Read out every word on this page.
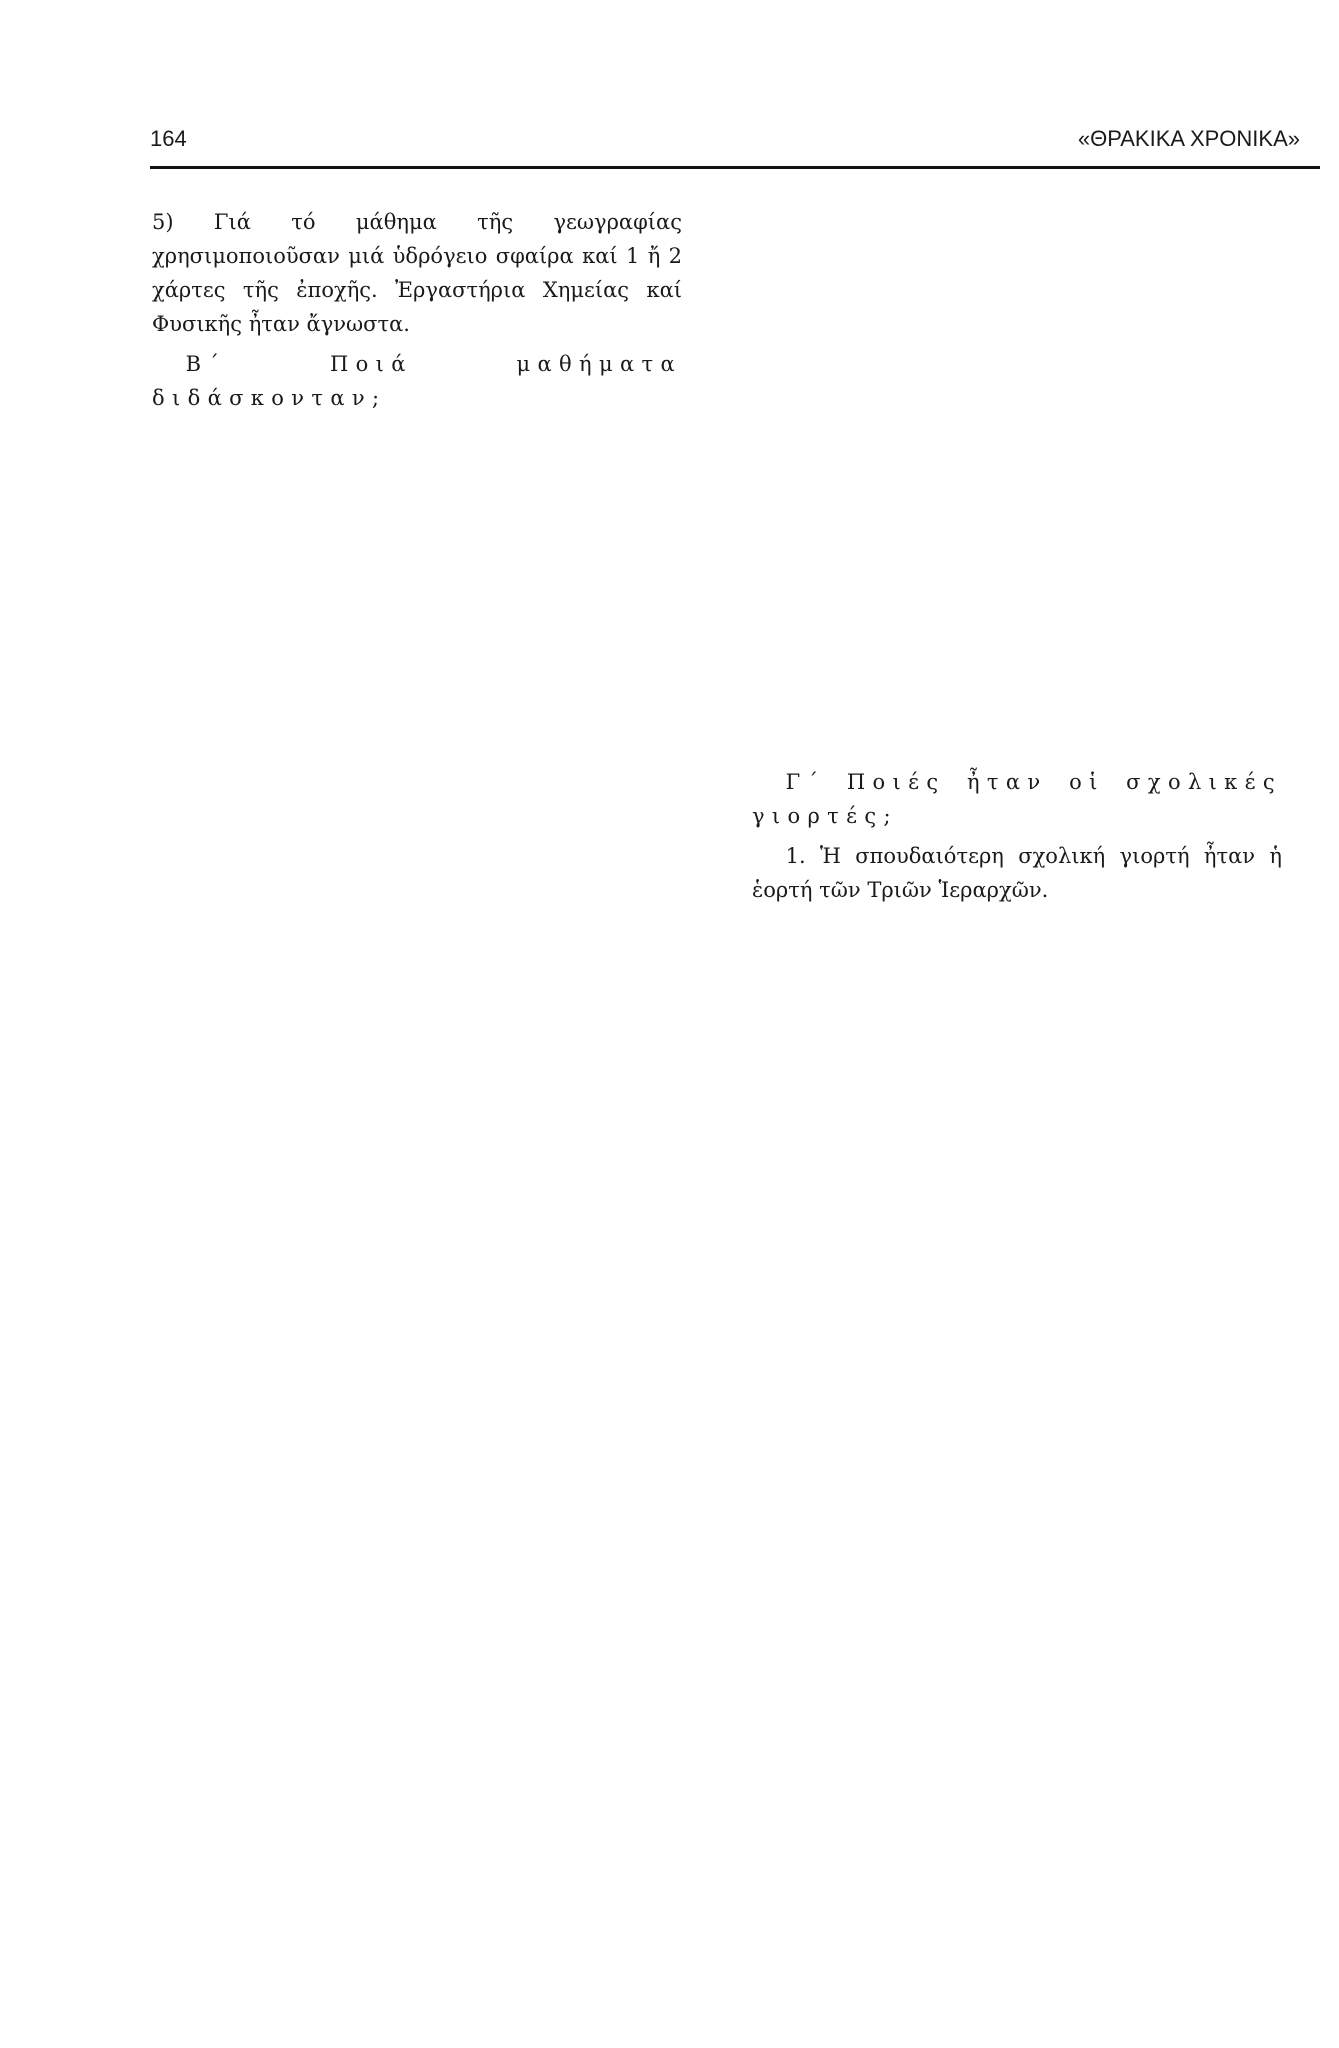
164	«ΘΡΑΚΙΚΑ ΧΡΟΝΙΚΑ»

5) Γιά τό μάθημα τῆς γεωγραφίας χρησιμοποιοῦσαν μιά ὑδρόγειο σφαίρα καί 1 ἤ 2 χάρτες τῆς ἐποχῆς. Ἐργαστήρια Χημείας καί Φυσικῆς ἦταν ἄγνωστα.

Β΄ Ποιά μαθήματα διδάσκονταν;

Γ΄ Ποιές ἦταν οἱ σχολικές γιορτές;

1. Ἡ σπουδαιότερη σχολική γιορτή ἦταν ἡ ἑορτή τῶν Τριῶν Ἱεραρχῶν.
